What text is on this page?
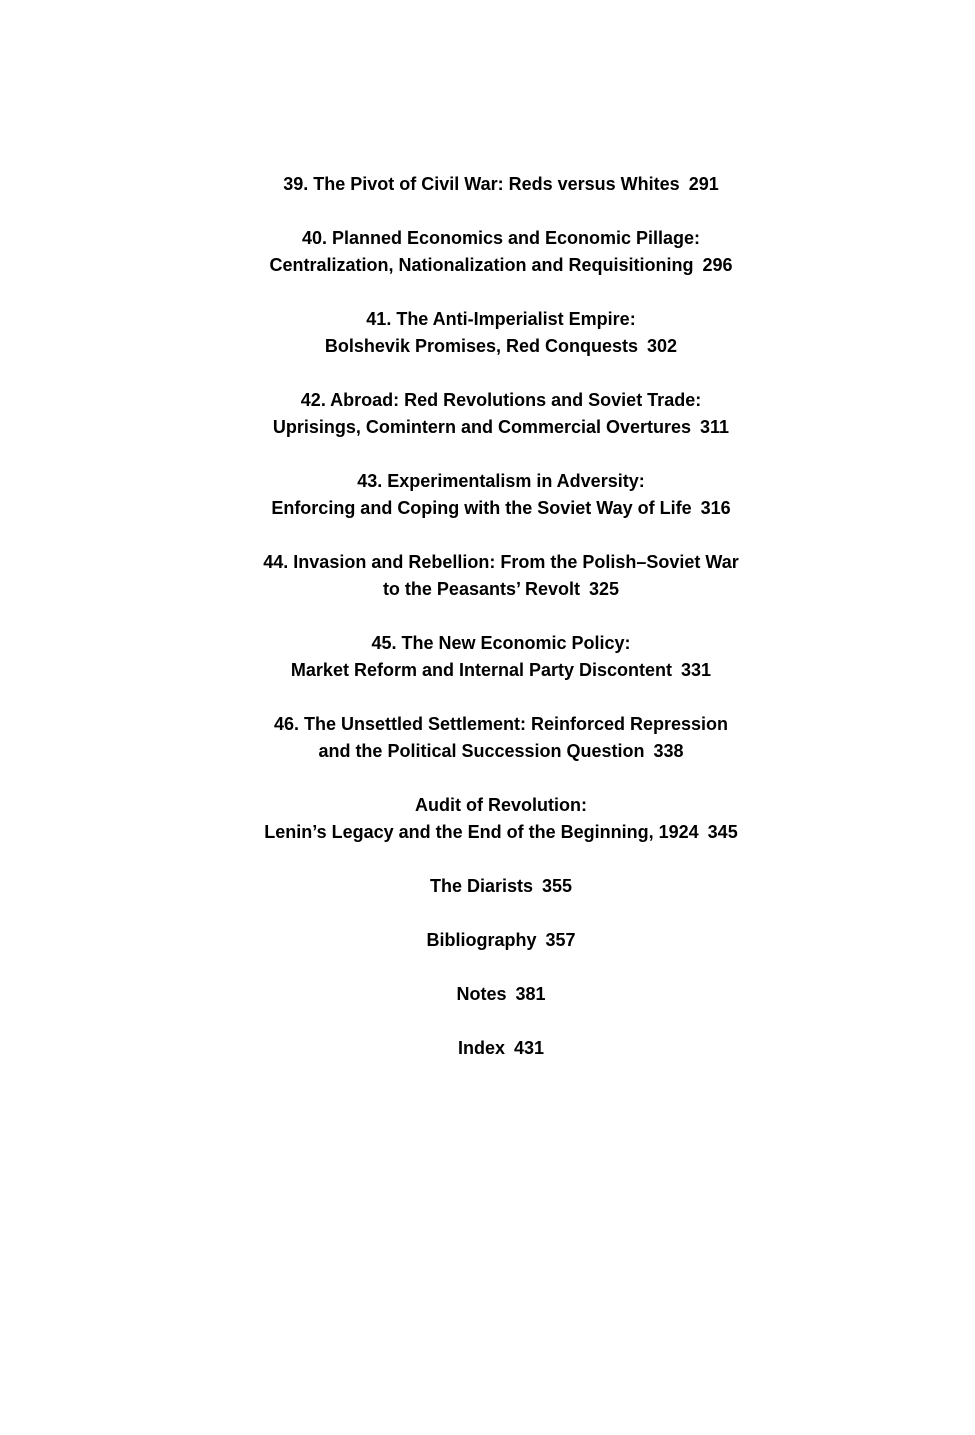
39. The Pivot of Civil War: Reds versus Whites 291
40. Planned Economics and Economic Pillage:
Centralization, Nationalization and Requisitioning 296
41. The Anti-Imperialist Empire:
Bolshevik Promises, Red Conquests 302
42. Abroad: Red Revolutions and Soviet Trade:
Uprisings, Comintern and Commercial Overtures 311
43. Experimentalism in Adversity:
Enforcing and Coping with the Soviet Way of Life 316
44. Invasion and Rebellion: From the Polish–Soviet War
to the Peasants’ Revolt 325
45. The New Economic Policy:
Market Reform and Internal Party Discontent 331
46. The Unsettled Settlement: Reinforced Repression
and the Political Succession Question 338
Audit of Revolution:
Lenin’s Legacy and the End of the Beginning, 1924 345
The Diarists 355
Bibliography 357
Notes 381
Index 431
